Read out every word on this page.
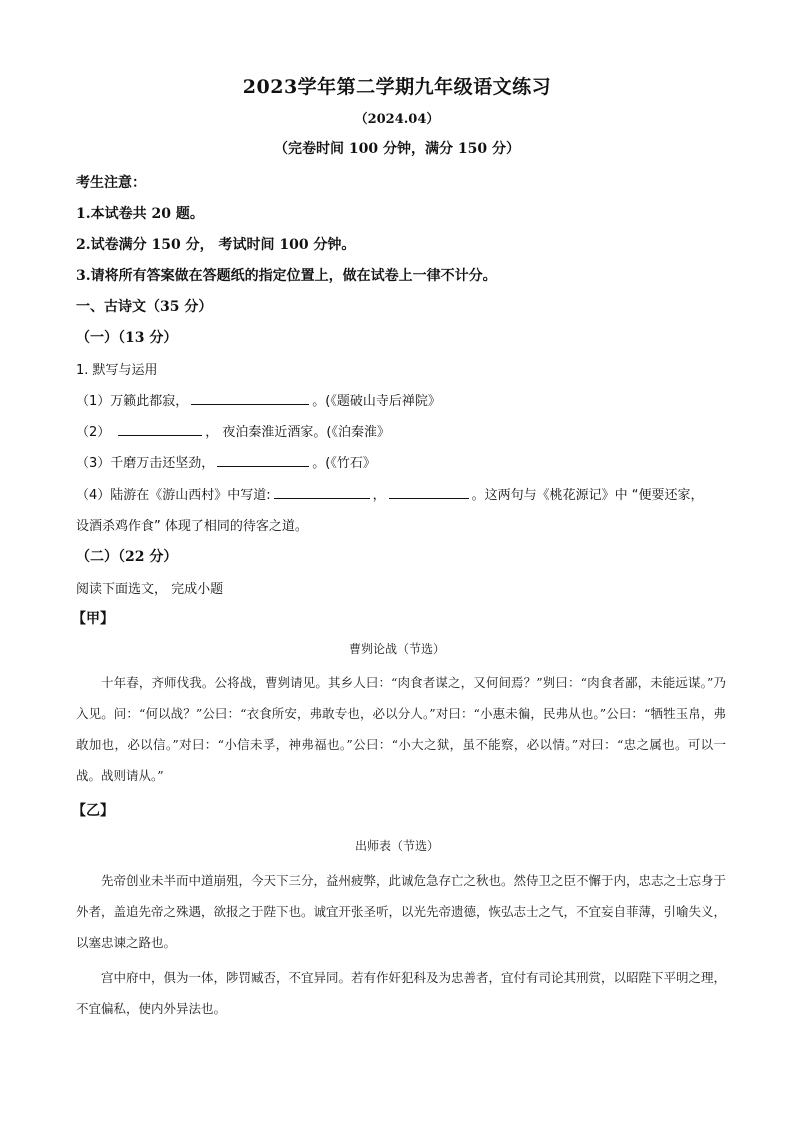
2023学年第二学期九年级语文练习
（2024.04）
（完卷时间 100 分钟，满分 150 分）
考生注意：
1.本试卷共 20 题。
2.试卷满分 150 分， 考试时间 100 分钟。
3.请将所有答案做在答题纸的指定位置上，做在试卷上一律不计分。
一、古诗文（35 分）
（一）（13 分）
1. 默写与运用
（1）万籁此都寂，	。(《题破山寺后禅院》
（2）	， 夜泊秦淮近酒家。(《泊秦淮》
（3）千磨万击还坚劲，	。(《竹石》
（4）陆游在《游山西村》中写道:	，	。这两句与《桃花源记》中 “便要还家，
设酒杀鸡作食” 体现了相同的待客之道。
（二）（22 分）
阅读下面选文， 完成小题
【甲】
曹刿论战（节选）
十年春，齐师伐我。公将战，曹刿请见。其乡人曰：“肉食者谋之，又何间焉？”刿曰：“肉食者鄙，未能远谋。”乃入见。问：“何以战？”公曰：“衣食所安，弗敢专也，必以分人。”对曰：“小惠未徧，民弗从也。”公曰：“牺牲玉帛，弗敢加也，必以信。”对曰：“小信未孚，神弗福也。”公曰：“小大之狱，虽不能察，必以情。”对曰：“忠之属也。可以一战。战则请从。”
【乙】
出师表（节选）
先帝创业未半而中道崩殂，今天下三分，益州疲弊，此诚危急存亡之秋也。然侍卫之臣不懈于内，忠志之士忘身于外者，盖追先帝之殊遇，欲报之于陛下也。诚宜开张圣听，以光先帝遗德，恢弘志士之气，不宜妄自菲薄，引喻失义，以塞忠谏之路也。
宫中府中，俱为一体，陟罚臧否，不宜异同。若有作奸犯科及为忠善者，宜付有司论其刑赏，以昭陛下平明之理，不宜偏私，使内外异法也。
